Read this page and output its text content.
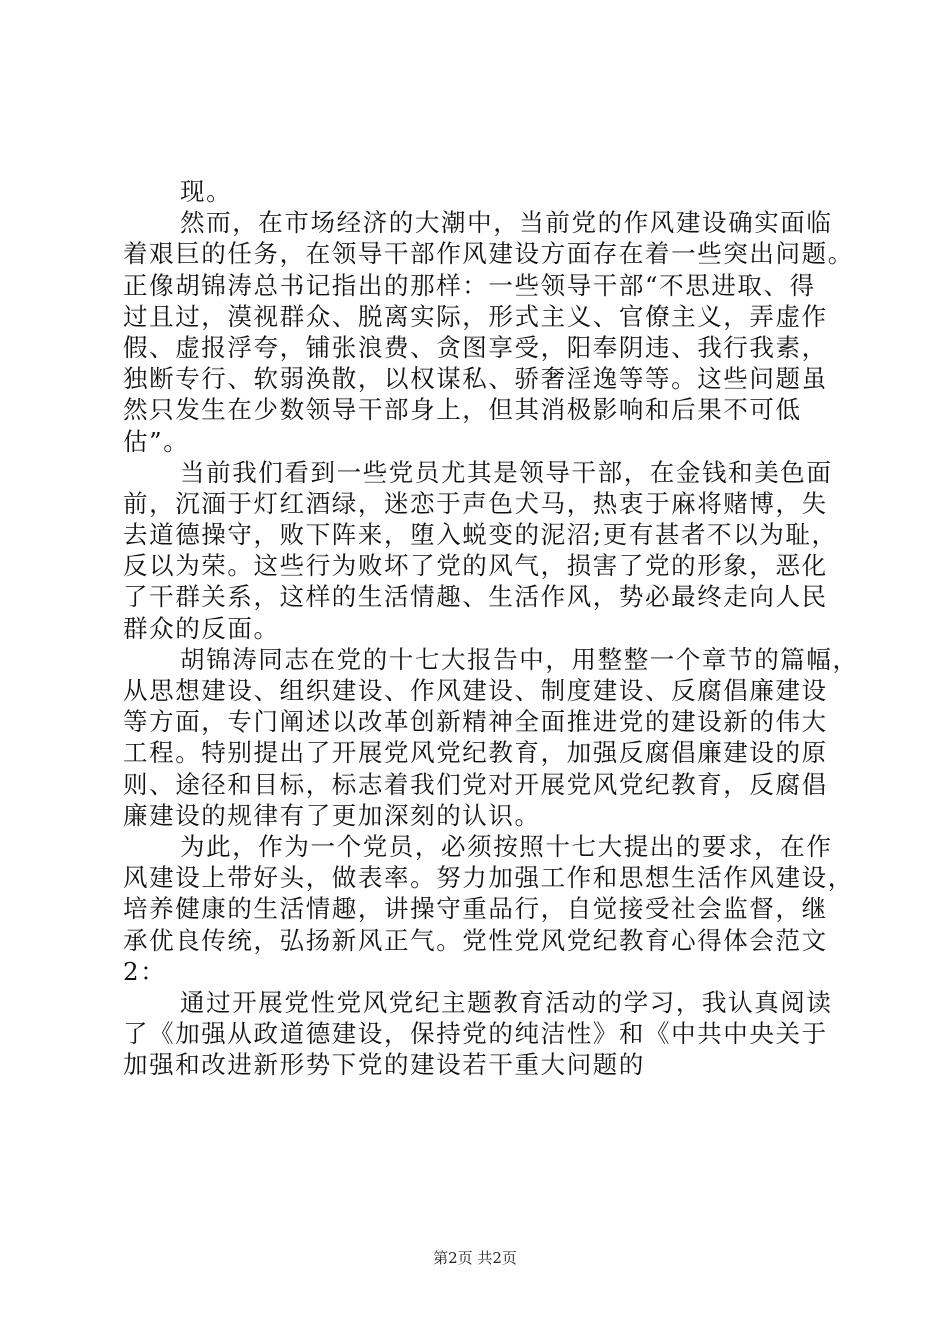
现。
然而，在市场经济的大潮中，当前党的作风建设确实面临
着艰巨的任务，在领导干部作风建设方面存在着一些突出问题。
正像胡锦涛总书记指出的那样：一些领导干部“不思进取、得
过且过，漠视群众、脱离实际，形式主义、官僚主义，弄虚作
假、虚报浮夸，铺张浪费、贪图享受，阳奉阴违、我行我素，
独断专行、软弱涣散，以权谋私、骄奢淫逸等等。这些问题虽
然只发生在少数领导干部身上，但其消极影响和后果不可低
估”。
当前我们看到一些党员尤其是领导干部，在金钱和美色面
前，沉湎于灯红酒绿，迷恋于声色犬马，热衷于麻将赌博，失
去道德操守，败下阵来，堕入蜕变的泥沼;更有甚者不以为耻，
反以为荣。这些行为败坏了党的风气，损害了党的形象，恶化
了干群关系，这样的生活情趣、生活作风，势必最终走向人民
群众的反面。
胡锦涛同志在党的十七大报告中，用整整一个章节的篇幅，
从思想建设、组织建设、作风建设、制度建设、反腐倡廉建设
等方面，专门阐述以改革创新精神全面推进党的建设新的伟大
工程。特别提出了开展党风党纪教育，加强反腐倡廉建设的原
则、途径和目标，标志着我们党对开展党风党纪教育，反腐倡
廉建设的规律有了更加深刻的认识。
为此，作为一个党员，必须按照十七大提出的要求，在作
风建设上带好头，做表率。努力加强工作和思想生活作风建设，
培养健康的生活情趣，讲操守重品行，自觉接受社会监督，继
承优良传统，弘扬新风正气。党性党风党纪教育心得体会范文
2：
通过开展党性党风党纪主题教育活动的学习，我认真阅读
了《加强从政道德建设，保持党的纯洁性》和《中共中央关于
加强和改进新形势下党的建设若干重大问题的
第2页 共2页
